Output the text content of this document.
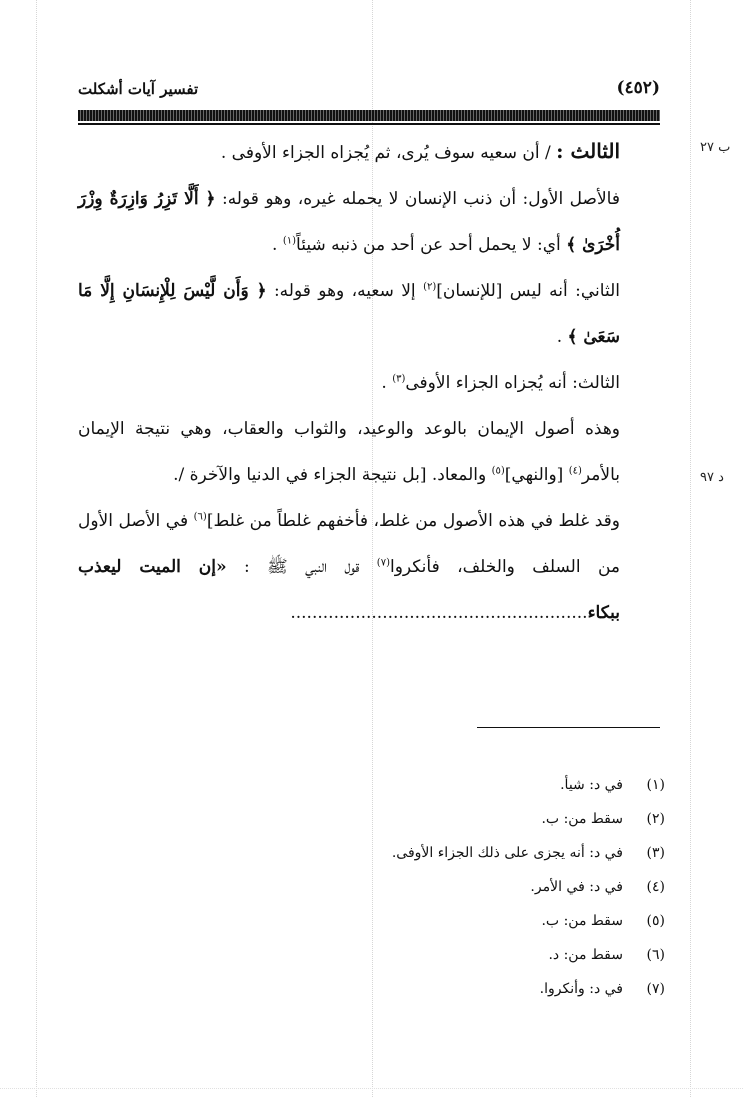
تفسير آيات أشكلت	(٤٥٢)
ب ٢٧
د ٩٧

الثالث : / أن سعيه سوف يُرى، ثم يُجزاه الجزاء الأوفى .

فالأصل الأول: أن ذنب الإنسان لا يحمله غيره، وهو قوله: ﴿ أَلَّا تَزِرُ وَازِرَةٌ وِزْرَ أُخْرَىٰ ﴾ أي: لا يحمل أحد عن أحد من ذنبه شيئاً$^{(١)}$ .

الثاني: أنه ليس [للإنسان]$^{(٢)}$ إلا سعيه، وهو قوله: ﴿ وَأَن لَّيْسَ لِلْإِنسَانِ إِلَّا مَا سَعَىٰ ﴾ .

الثالث: أنه يُجزاه الجزاء الأوفى$^{(٣)}$ .

وهذه أصول الإيمان بالوعد والوعيد، والثواب والعقاب، وهي نتيجة الإيمان بالأمر$^{(٤)}$ [والنهي]$^{(٥)}$ والمعاد. [بل نتيجة الجزاء في الدنيا والآخرة /.

وقد غلط في هذه الأصول من غلط، فأخفهم غلطاً من غلط]$^{(٦)}$ في الأصل الأول من السلف والخلف، فأنكروا$^{(٧)}$ قول النبي ﷺ : «إن الميت ليعذب ببكاء.......................................................

(١)في د: شيأ.
(٢)سقط من: ب.
(٣)في د: أنه يجزى على ذلك الجزاء الأوفى.
(٤)في د: في الأمر.
(٥)سقط من: ب.
(٦)سقط من: د.
(٧)في د: وأنكروا.
